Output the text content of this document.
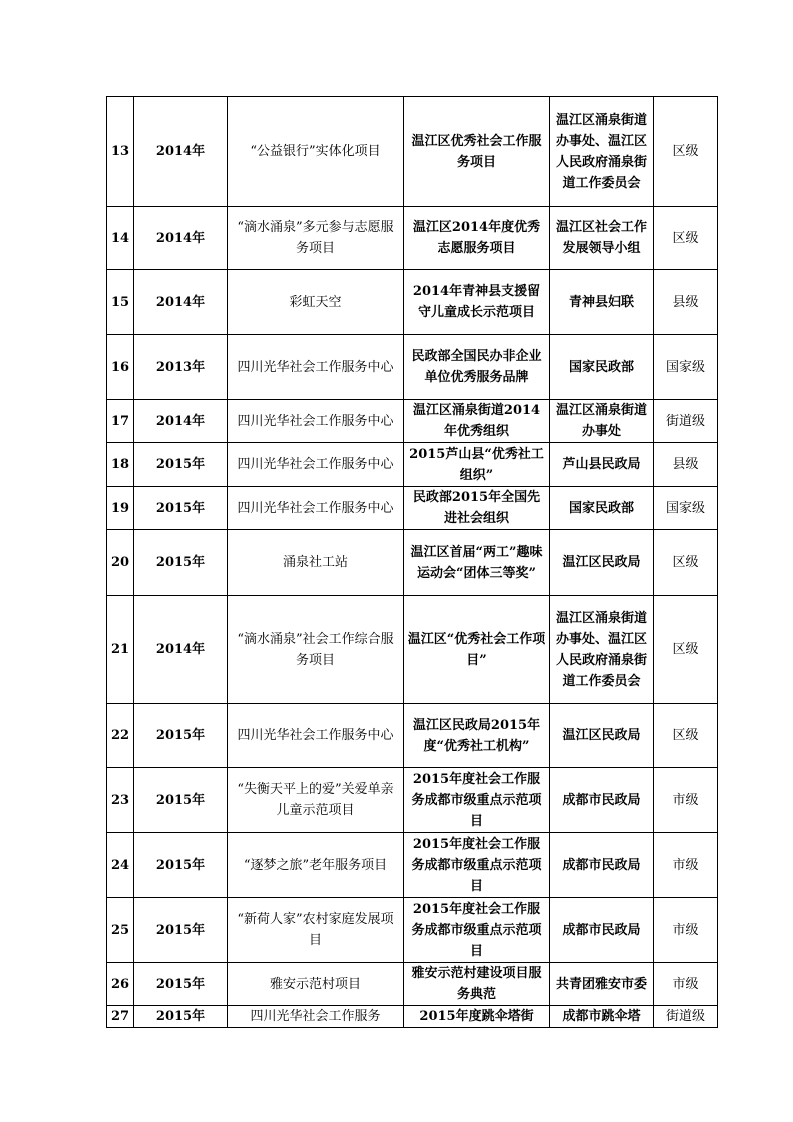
13	2014年	“公益银行”实体化项目	温江区优秀社会工作服务项目	温江区涌泉街道办事处、温江区人民政府涌泉街道工作委员会	区级
14	2014年	“滴水涌泉”多元参与志愿服务项目	温江区2014年度优秀志愿服务项目	温江区社会工作发展领导小组	区级
15	2014年	彩虹天空	2014年青神县支援留守儿童成长示范项目	青神县妇联	县级
16	2013年	四川光华社会工作服务中心	民政部全国民办非企业单位优秀服务品牌	国家民政部	国家级
17	2014年	四川光华社会工作服务中心	温江区涌泉街道2014年优秀组织	温江区涌泉街道办事处	街道级
18	2015年	四川光华社会工作服务中心	2015芦山县“优秀社工组织”	芦山县民政局	县级
19	2015年	四川光华社会工作服务中心	民政部2015年全国先进社会组织	国家民政部	国家级
20	2015年	涌泉社工站	温江区首届“两工”趣味运动会“团体三等奖”	温江区民政局	区级
21	2014年	“滴水涌泉”社会工作综合服务项目	温江区“优秀社会工作项目”	温江区涌泉街道办事处、温江区人民政府涌泉街道工作委员会	区级
22	2015年	四川光华社会工作服务中心	温江区民政局2015年度“优秀社工机构”	温江区民政局	区级
23	2015年	“失衡天平上的爱”关爱单亲儿童示范项目	2015年度社会工作服务成都市级重点示范项目	成都市民政局	市级
24	2015年	“逐梦之旅”老年服务项目	2015年度社会工作服务成都市级重点示范项目	成都市民政局	市级
25	2015年	“新荷人家”农村家庭发展项目	2015年度社会工作服务成都市级重点示范项目	成都市民政局	市级
26	2015年	雅安示范村项目	雅安示范村建设项目服务典范	共青团雅安市委	市级
27	2015年	四川光华社会工作服务	2015年度跳伞塔街	成都市跳伞塔	街道级
